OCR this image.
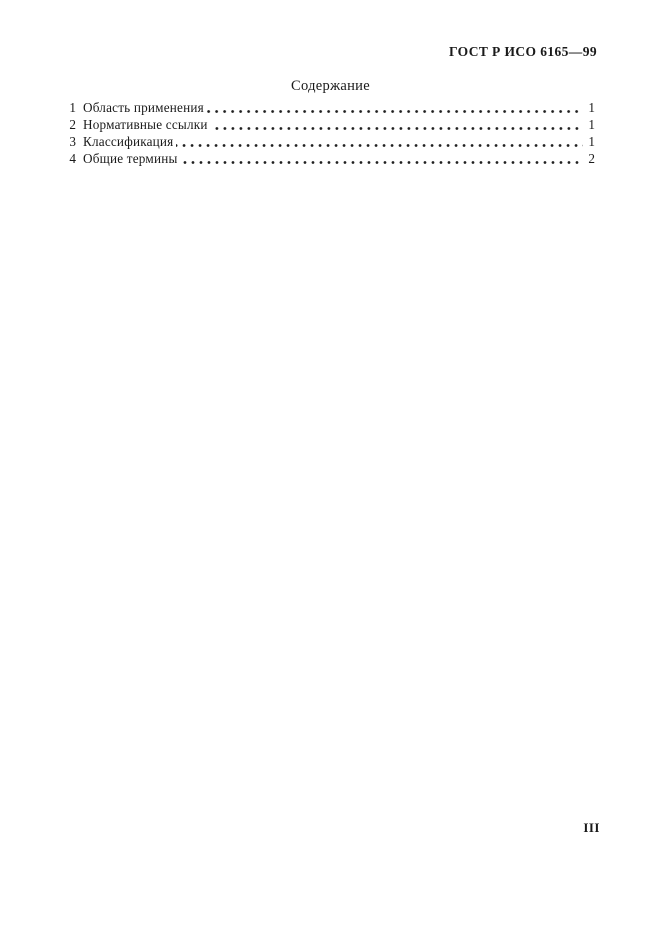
ГОСТ Р ИСО 6165—99
Содержание
1 Область применения	1
2 Нормативные ссылки	1
3 Классификация	1
4 Общие термины	2
III
